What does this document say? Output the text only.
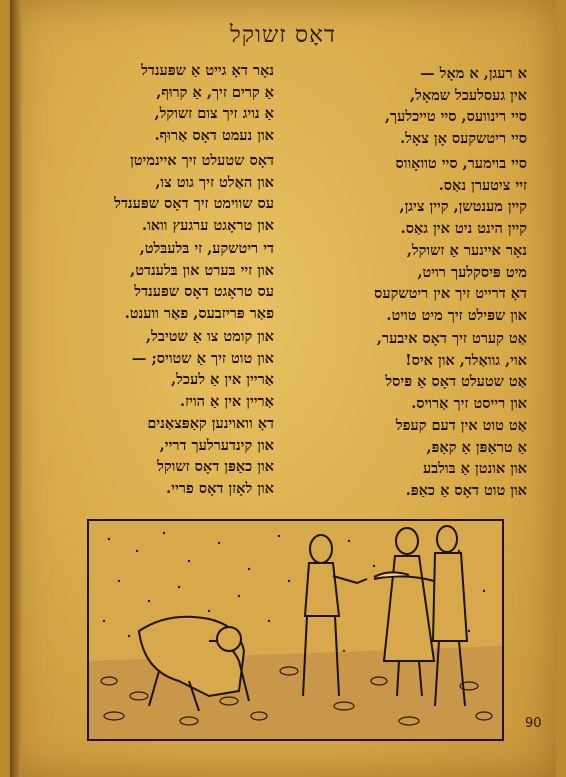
דאָס זשוקל
א רעגן, א מאָל —
אין געסלעכל שמאָל,
סיי רינוועס, סיי טייכלעך,
סיי ריטשקעס אָן צאָל.
נאָר דאָ גייט אַ שפּענדל
אַ קרים זיך, אַ קרוּף,
אַ נויג זיך צום זשוקל,
און נעמט דאָס אַרוּף.
סיי בוימער, סיי טוואָווס
זיי ציטערן נאַס.
קיין מענטשן, קיין ציגן,
קיין הינט ניט אין גאַס.
דאָס שטעלט זיך איינמיטן
און האַלט זיך גוט צו,
עס שווימט זיך דאָס שפּענדל
און טראָגט ערגעץ וואו.
נאָר איינער אַ זשוקל,
מיט פּיסקלעך רויט,
דאָ דרייט זיך אין ריטשקעס
און שפּילט זיך מיט טויט.
די ריטשקע, זי בּלעבּלט,
און זיי בּערט און בּלענדט,
עס טראָגט דאָס שפּענדל
פאַר פּריזבעס, פאַר ווענט.
אַט קערט זיך דאָס איבער,
אוי, גוואַלד, און איס!
אַט שטעלט דאָס אַ פּיסל
און רייסט זיך אַרויס.
און קומט צו אַ שטיבל,
און טוט זיך אַ שטויס; —
אַריין אין אַ לעכל,
אַריין אין אַ הויז.
אַט טוט אין דעם קעפל
אַ טראַפּן אַ קאַפּ,
און אונטן אַ בּולבע
און טוט דאָס אַ כאַפּ.
דאָ וואוינען קאַפּצאַנים
און קינדערלעך דריי,
און כאַפּן דאָס זשוקל
און לאָזן דאָס פריי.
90
